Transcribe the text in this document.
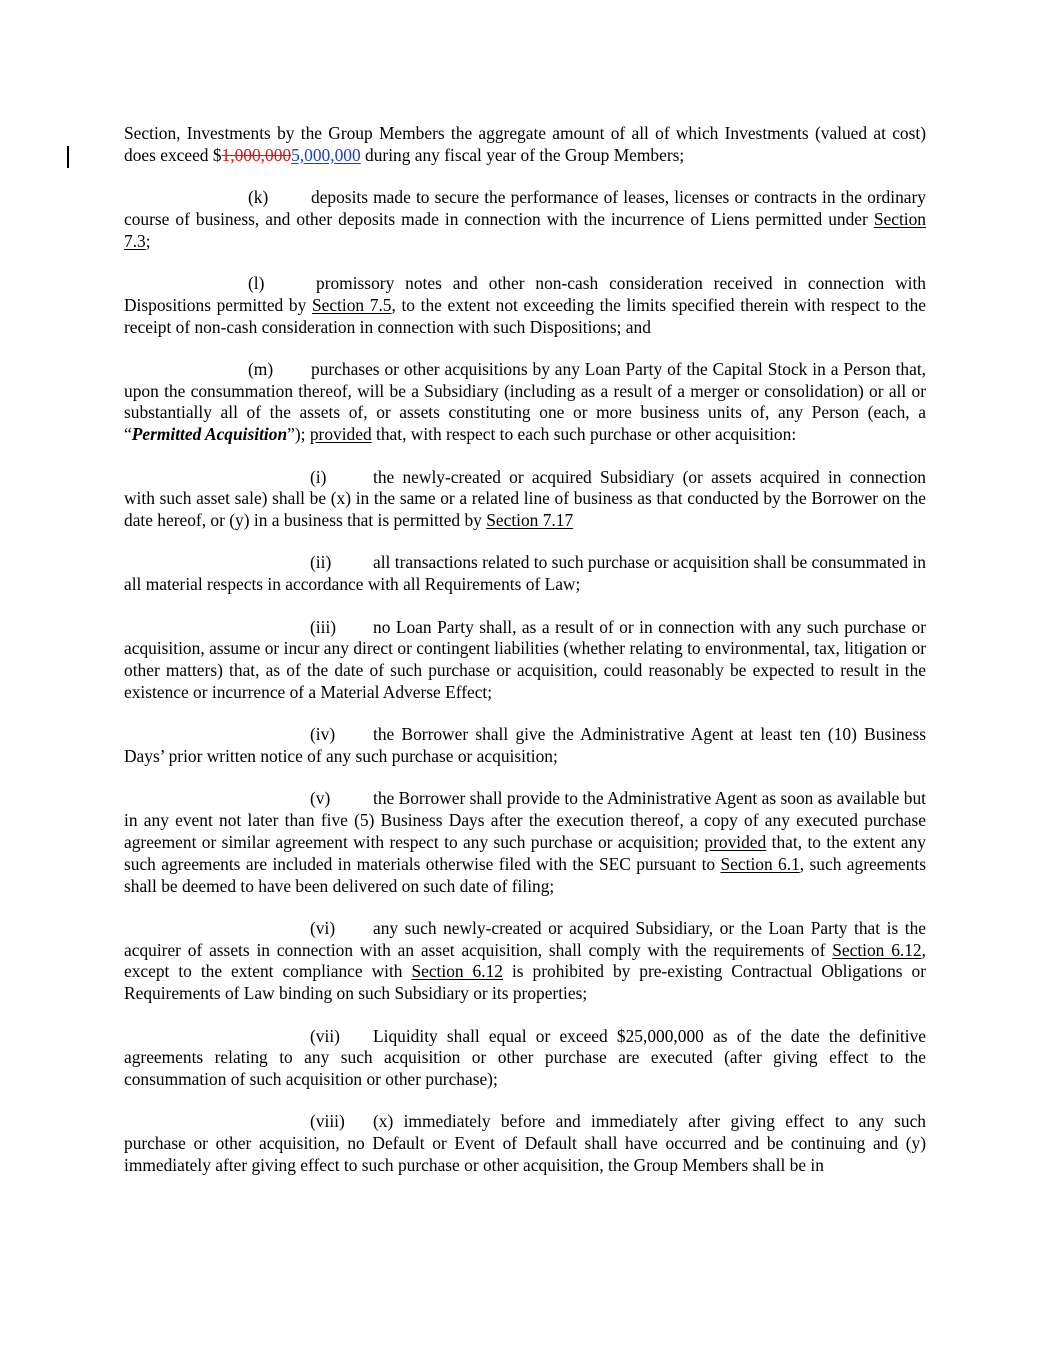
Section, Investments by the Group Members the aggregate amount of all of which Investments (valued at cost) does exceed $1,000,0005,000,000 during any fiscal year of the Group Members;

(k) deposits made to secure the performance of leases, licenses or contracts in the ordinary course of business, and other deposits made in connection with the incurrence of Liens permitted under Section 7.3;

(l)	promissory notes and other non-cash consideration received in connection with Dispositions permitted by Section 7.5, to the extent not exceeding the limits specified therein with respect to the receipt of non-cash consideration in connection with such Dispositions; and

(m) purchases or other acquisitions by any Loan Party of the Capital Stock in a Person that, upon the consummation thereof, will be a Subsidiary (including as a result of a merger or consolidation) or all or substantially all of the assets of, or assets constituting one or more business units of, any Person (each, a “Permitted Acquisition”); provided that, with respect to each such purchase or other acquisition:

(i)	the newly-created or acquired Subsidiary (or assets acquired in connection with such asset sale) shall be (x) in the same or a related line of business as that conducted by the Borrower on the date hereof, or (y) in a business that is permitted by Section 7.17

(ii) all transactions related to such purchase or acquisition shall be consummated in all material respects in accordance with all Requirements of Law;

(iii) no Loan Party shall, as a result of or in connection with any such purchase or acquisition, assume or incur any direct or contingent liabilities (whether relating to environmental, tax, litigation or other matters) that, as of the date of such purchase or acquisition, could reasonably be expected to result in the existence or incurrence of a Material Adverse Effect;

(iv) the Borrower shall give the Administrative Agent at least ten (10) Business Days’ prior written notice of any such purchase or acquisition;

(v) the Borrower shall provide to the Administrative Agent as soon as available but in any event not later than five (5) Business Days after the execution thereof, a copy of any executed purchase agreement or similar agreement with respect to any such purchase or acquisition; provided that, to the extent any such agreements are included in materials otherwise filed with the SEC pursuant to Section 6.1, such agreements shall be deemed to have been delivered on such date of filing;

(vi) any such newly-created or acquired Subsidiary, or the Loan Party that is the acquirer of assets in connection with an asset acquisition, shall comply with the requirements of Section 6.12, except to the extent compliance with Section 6.12 is prohibited by pre-existing Contractual Obligations or Requirements of Law binding on such Subsidiary or its properties;

(vii) Liquidity shall equal or exceed $25,000,000 as of the date the definitive agreements relating to any such acquisition or other purchase are executed (after giving effect to the consummation of such acquisition or other purchase);

(viii) (x) immediately before and immediately after giving effect to any such purchase or other acquisition, no Default or Event of Default shall have occurred and be continuing and (y) immediately after giving effect to such purchase or other acquisition, the Group Members shall be in
